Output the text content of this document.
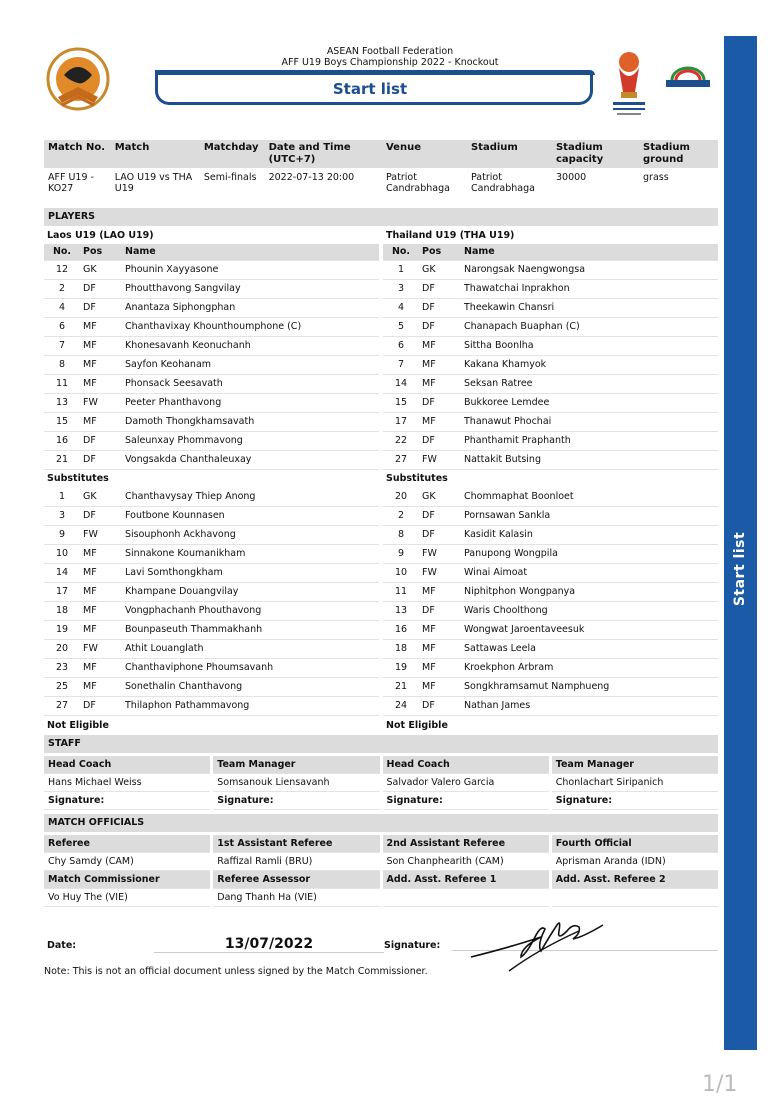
ASEAN Football Federation
AFF U19 Boys Championship 2022 - Knockout
Start list
Start list
Match No.	Match	Matchday	Date and Time (UTC+7)	Venue	Stadium	Stadium capacity	Stadium ground
AFF U19 - KO27	LAO U19 vs THA U19	Semi-finals	2022-07-13 20:00	Patriot Candrabhaga	Patriot Candrabhaga	30000	grass
PLAYERS
Laos U19 (LAO U19)
No.	Pos	Name
12	GK	Phounin Xayyasone
2	DF	Phoutthavong Sangvilay
4	DF	Anantaza Siphongphan
6	MF	Chanthavixay Khounthoumphone (C)
7	MF	Khonesavanh Keonuchanh
8	MF	Sayfon Keohanam
11	MF	Phonsack Seesavath
13	FW	Peeter Phanthavong
15	MF	Damoth Thongkhamsavath
16	DF	Saleunxay Phommavong
21	DF	Vongsakda Chanthaleuxay
Substitutes		
1	GK	Chanthavysay Thiep Anong
3	DF	Foutbone Kounnasen
9	FW	Sisouphonh Ackhavong
10	MF	Sinnakone Koumanikham
14	MF	Lavi Somthongkham
17	MF	Khampane Douangvilay
18	MF	Vongphachanh Phouthavong
19	MF	Bounpaseuth Thammakhanh
20	FW	Athit Louanglath
23	MF	Chanthaviphone Phoumsavanh
25	MF	Sonethalin Chanthavong
27	DF	Thilaphon Pathammavong
Not Eligible
Thailand U19 (THA U19)
No.	Pos	Name
1	GK	Narongsak Naengwongsa
3	DF	Thawatchai Inprakhon
4	DF	Theekawin Chansri
5	DF	Chanapach Buaphan (C)
6	MF	Sittha Boonlha
7	MF	Kakana Khamyok
14	MF	Seksan Ratree
15	DF	Bukkoree Lemdee
17	MF	Thanawut Phochai
22	DF	Phanthamit Praphanth
27	FW	Nattakit Butsing
Substitutes		
20	GK	Chommaphat Boonloet
2	DF	Pornsawan Sankla
8	DF	Kasidit Kalasin
9	FW	Panupong Wongpila
10	FW	Winai Aimoat
11	MF	Niphitphon Wongpanya
13	DF	Waris Choolthong
16	MF	Wongwat Jaroentaveesuk
18	MF	Sattawas Leela
19	MF	Kroekphon Arbram
21	MF	Songkhramsamut Namphueng
24	DF	Nathan James
Not Eligible
STAFF
Head Coach	Team Manager	Head Coach	Team Manager
Hans Michael Weiss	Somsanouk Liensavanh	Salvador Valero Garcia	Chonlachart Siripanich
Signature:	Signature:	Signature:	Signature:
MATCH OFFICIALS
Referee	1st Assistant Referee	2nd Assistant Referee	Fourth Official
Chy Samdy (CAM)	Raffizal Ramli (BRU)	Son Chanphearith (CAM)	Aprisman Aranda (IDN)
Match Commissioner	Referee Assessor	Add. Asst. Referee 1	Add. Asst. Referee 2
Vo Huy The (VIE)	Dang Thanh Ha (VIE)
Date:	13/07/2022	Signature:
Note: This is not an official document unless signed by the Match Commissioner.
1/1
